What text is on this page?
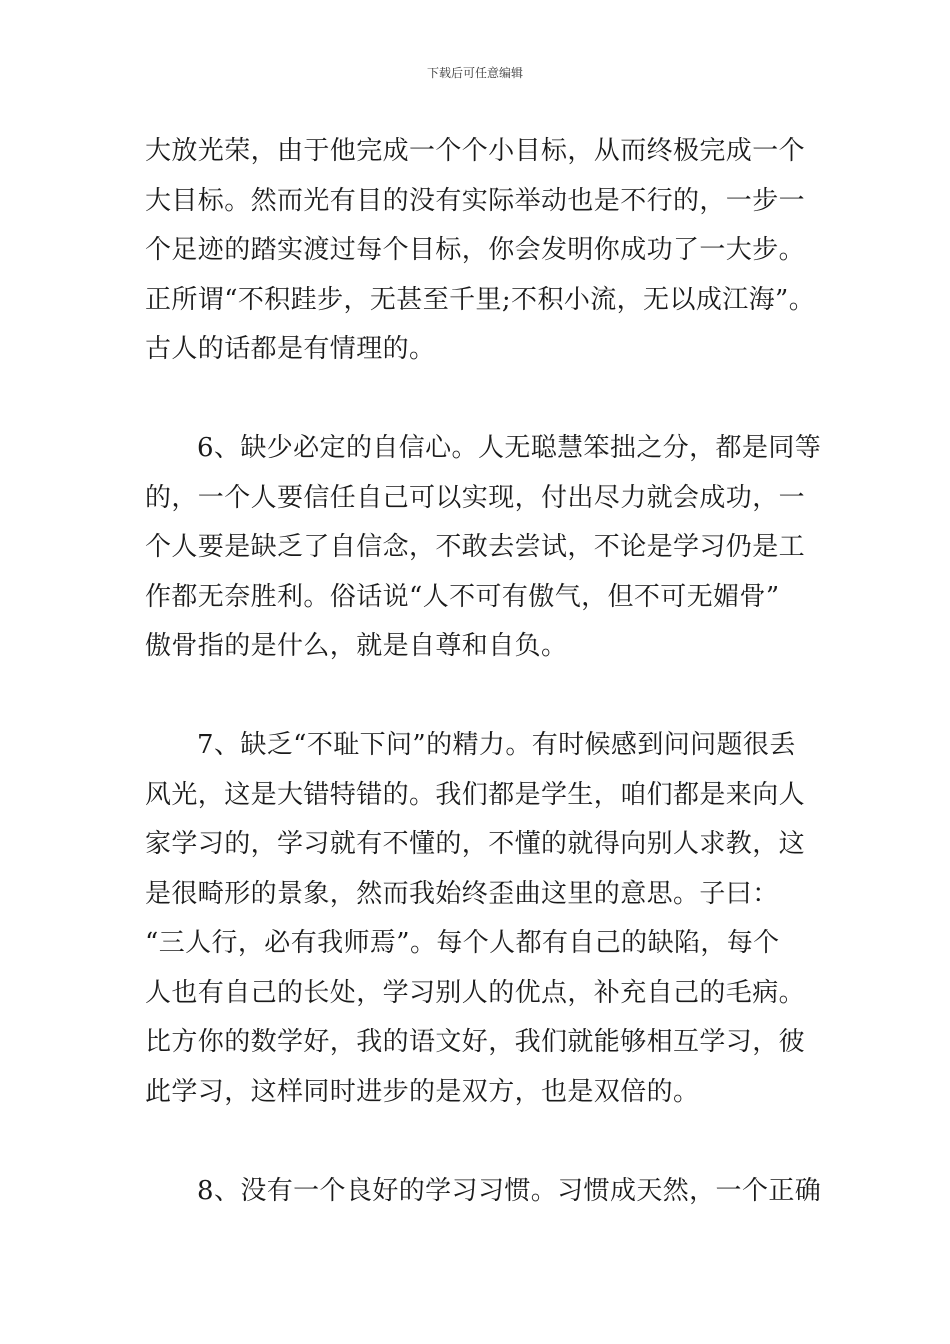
下载后可任意编辑
大放光荣，由于他完成一个个小目标，从而终极完成一个
大目标。然而光有目的没有实际举动也是不行的，一步一
个足迹的踏实渡过每个目标，你会发明你成功了一大步。
正所谓“不积跬步，无甚至千里;不积小流，无以成江海”。
古人的话都是有情理的。
6、缺少必定的自信心。人无聪慧笨拙之分，都是同等
的，一个人要信任自己可以实现，付出尽力就会成功，一
个人要是缺乏了自信念，不敢去尝试，不论是学习仍是工
作都无奈胜利。俗话说“人不可有傲气，但不可无媚骨”
傲骨指的是什么，就是自尊和自负。
7、缺乏“不耻下问”的精力。有时候感到问问题很丢
风光，这是大错特错的。我们都是学生，咱们都是来向人
家学习的，学习就有不懂的，不懂的就得向别人求教，这
是很畸形的景象，然而我始终歪曲这里的意思。子曰：
“三人行，必有我师焉”。每个人都有自己的缺陷，每个
人也有自己的长处，学习别人的优点，补充自己的毛病。
比方你的数学好，我的语文好，我们就能够相互学习，彼
此学习，这样同时进步的是双方，也是双倍的。
8、没有一个良好的学习习惯。习惯成天然，一个正确
